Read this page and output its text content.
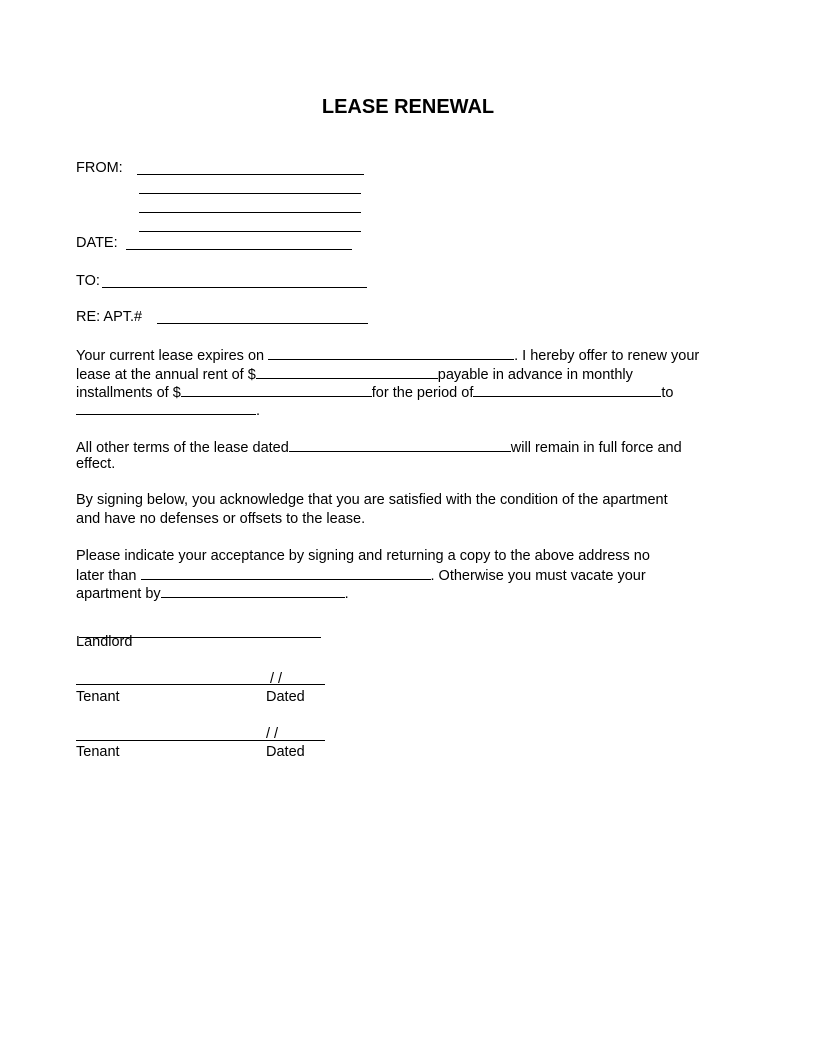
LEASE RENEWAL
FROM:
DATE:
TO:
RE: APT.#
Your current lease expires on	. I hereby offer to renew your
lease at the annual rent of $	payable in advance in monthly
installments of $	for the period of	to
.
All other terms of the lease dated	will remain in full force and
effect.
By signing below, you acknowledge that you are satisfied with the condition of the apartment
and have no defenses or offsets to the lease.
Please indicate your acceptance by signing and returning a copy to the above address no
later than	. Otherwise you must vacate your
apartment by	.
Landlord
/ /
Tenant	Dated
/ /
Tenant	Dated
